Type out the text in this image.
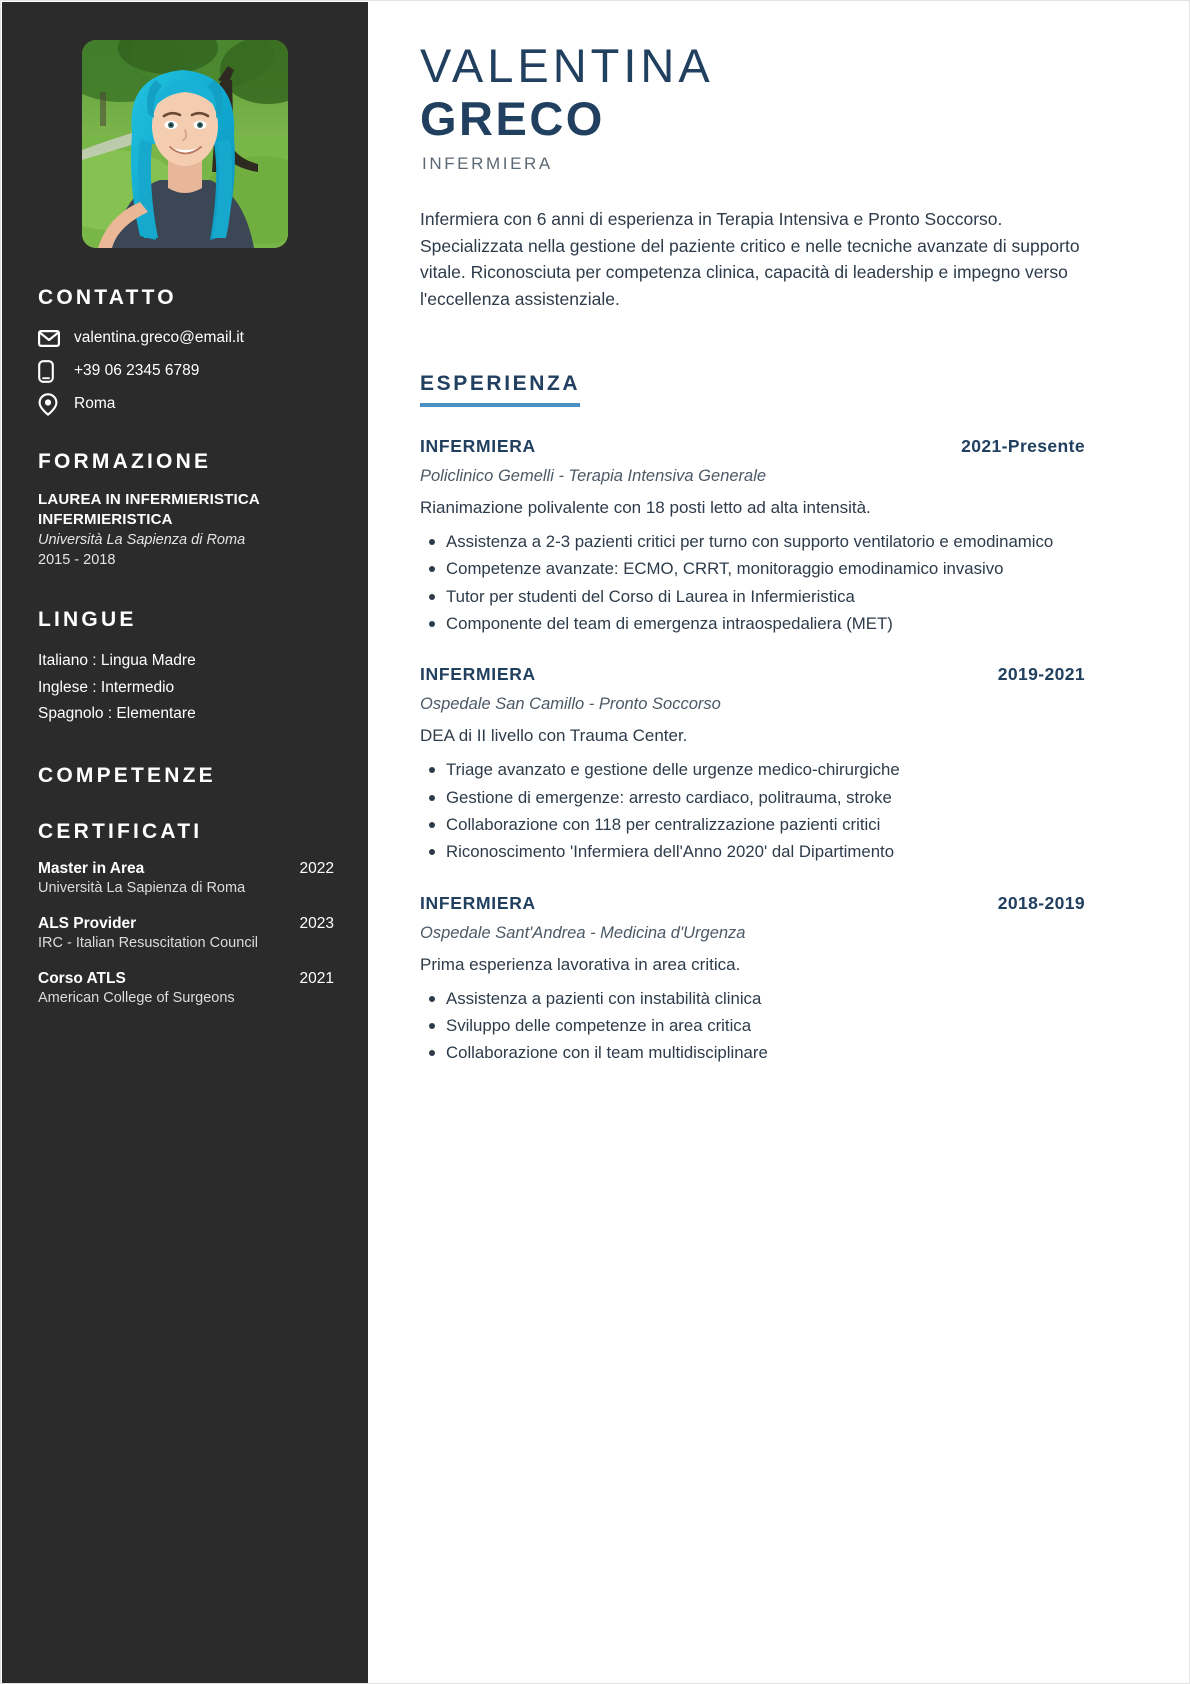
CONTATTO
valentina.greco@email.it
+39 06 2345 6789
Roma
FORMAZIONE
LAUREA IN INFERMIERISTICA INFERMIERISTICA
Università La Sapienza di Roma
2015 - 2018
LINGUE
Italiano : Lingua Madre
Inglese : Intermedio
Spagnolo : Elementare
COMPETENZE
CERTIFICATI
Master in Area	2022
Università La Sapienza di Roma
ALS Provider	2023
IRC - Italian Resuscitation Council
Corso ATLS	2021
American College of Surgeons
VALENTINA
GRECO
INFERMIERA

Infermiera con 6 anni di esperienza in Terapia Intensiva e Pronto Soccorso. Specializzata nella gestione del paziente critico e nelle tecniche avanzate di supporto vitale. Riconosciuta per competenza clinica, capacità di leadership e impegno verso l'eccellenza assistenziale.

ESPERIENZA
INFERMIERA	2021-Presente
Policlinico Gemelli - Terapia Intensiva Generale
Rianimazione polivalente con 18 posti letto ad alta intensità.
Assistenza a 2-3 pazienti critici per turno con supporto ventilatorio e emodinamico
Competenze avanzate: ECMO, CRRT, monitoraggio emodinamico invasivo
Tutor per studenti del Corso di Laurea in Infermieristica
Componente del team di emergenza intraospedaliera (MET)
INFERMIERA	2019-2021
Ospedale San Camillo - Pronto Soccorso
DEA di II livello con Trauma Center.
Triage avanzato e gestione delle urgenze medico-chirurgiche
Gestione di emergenze: arresto cardiaco, politrauma, stroke
Collaborazione con 118 per centralizzazione pazienti critici
Riconoscimento 'Infermiera dell'Anno 2020' dal Dipartimento
INFERMIERA	2018-2019
Ospedale Sant'Andrea - Medicina d'Urgenza
Prima esperienza lavorativa in area critica.
Assistenza a pazienti con instabilità clinica
Sviluppo delle competenze in area critica
Collaborazione con il team multidisciplinare
